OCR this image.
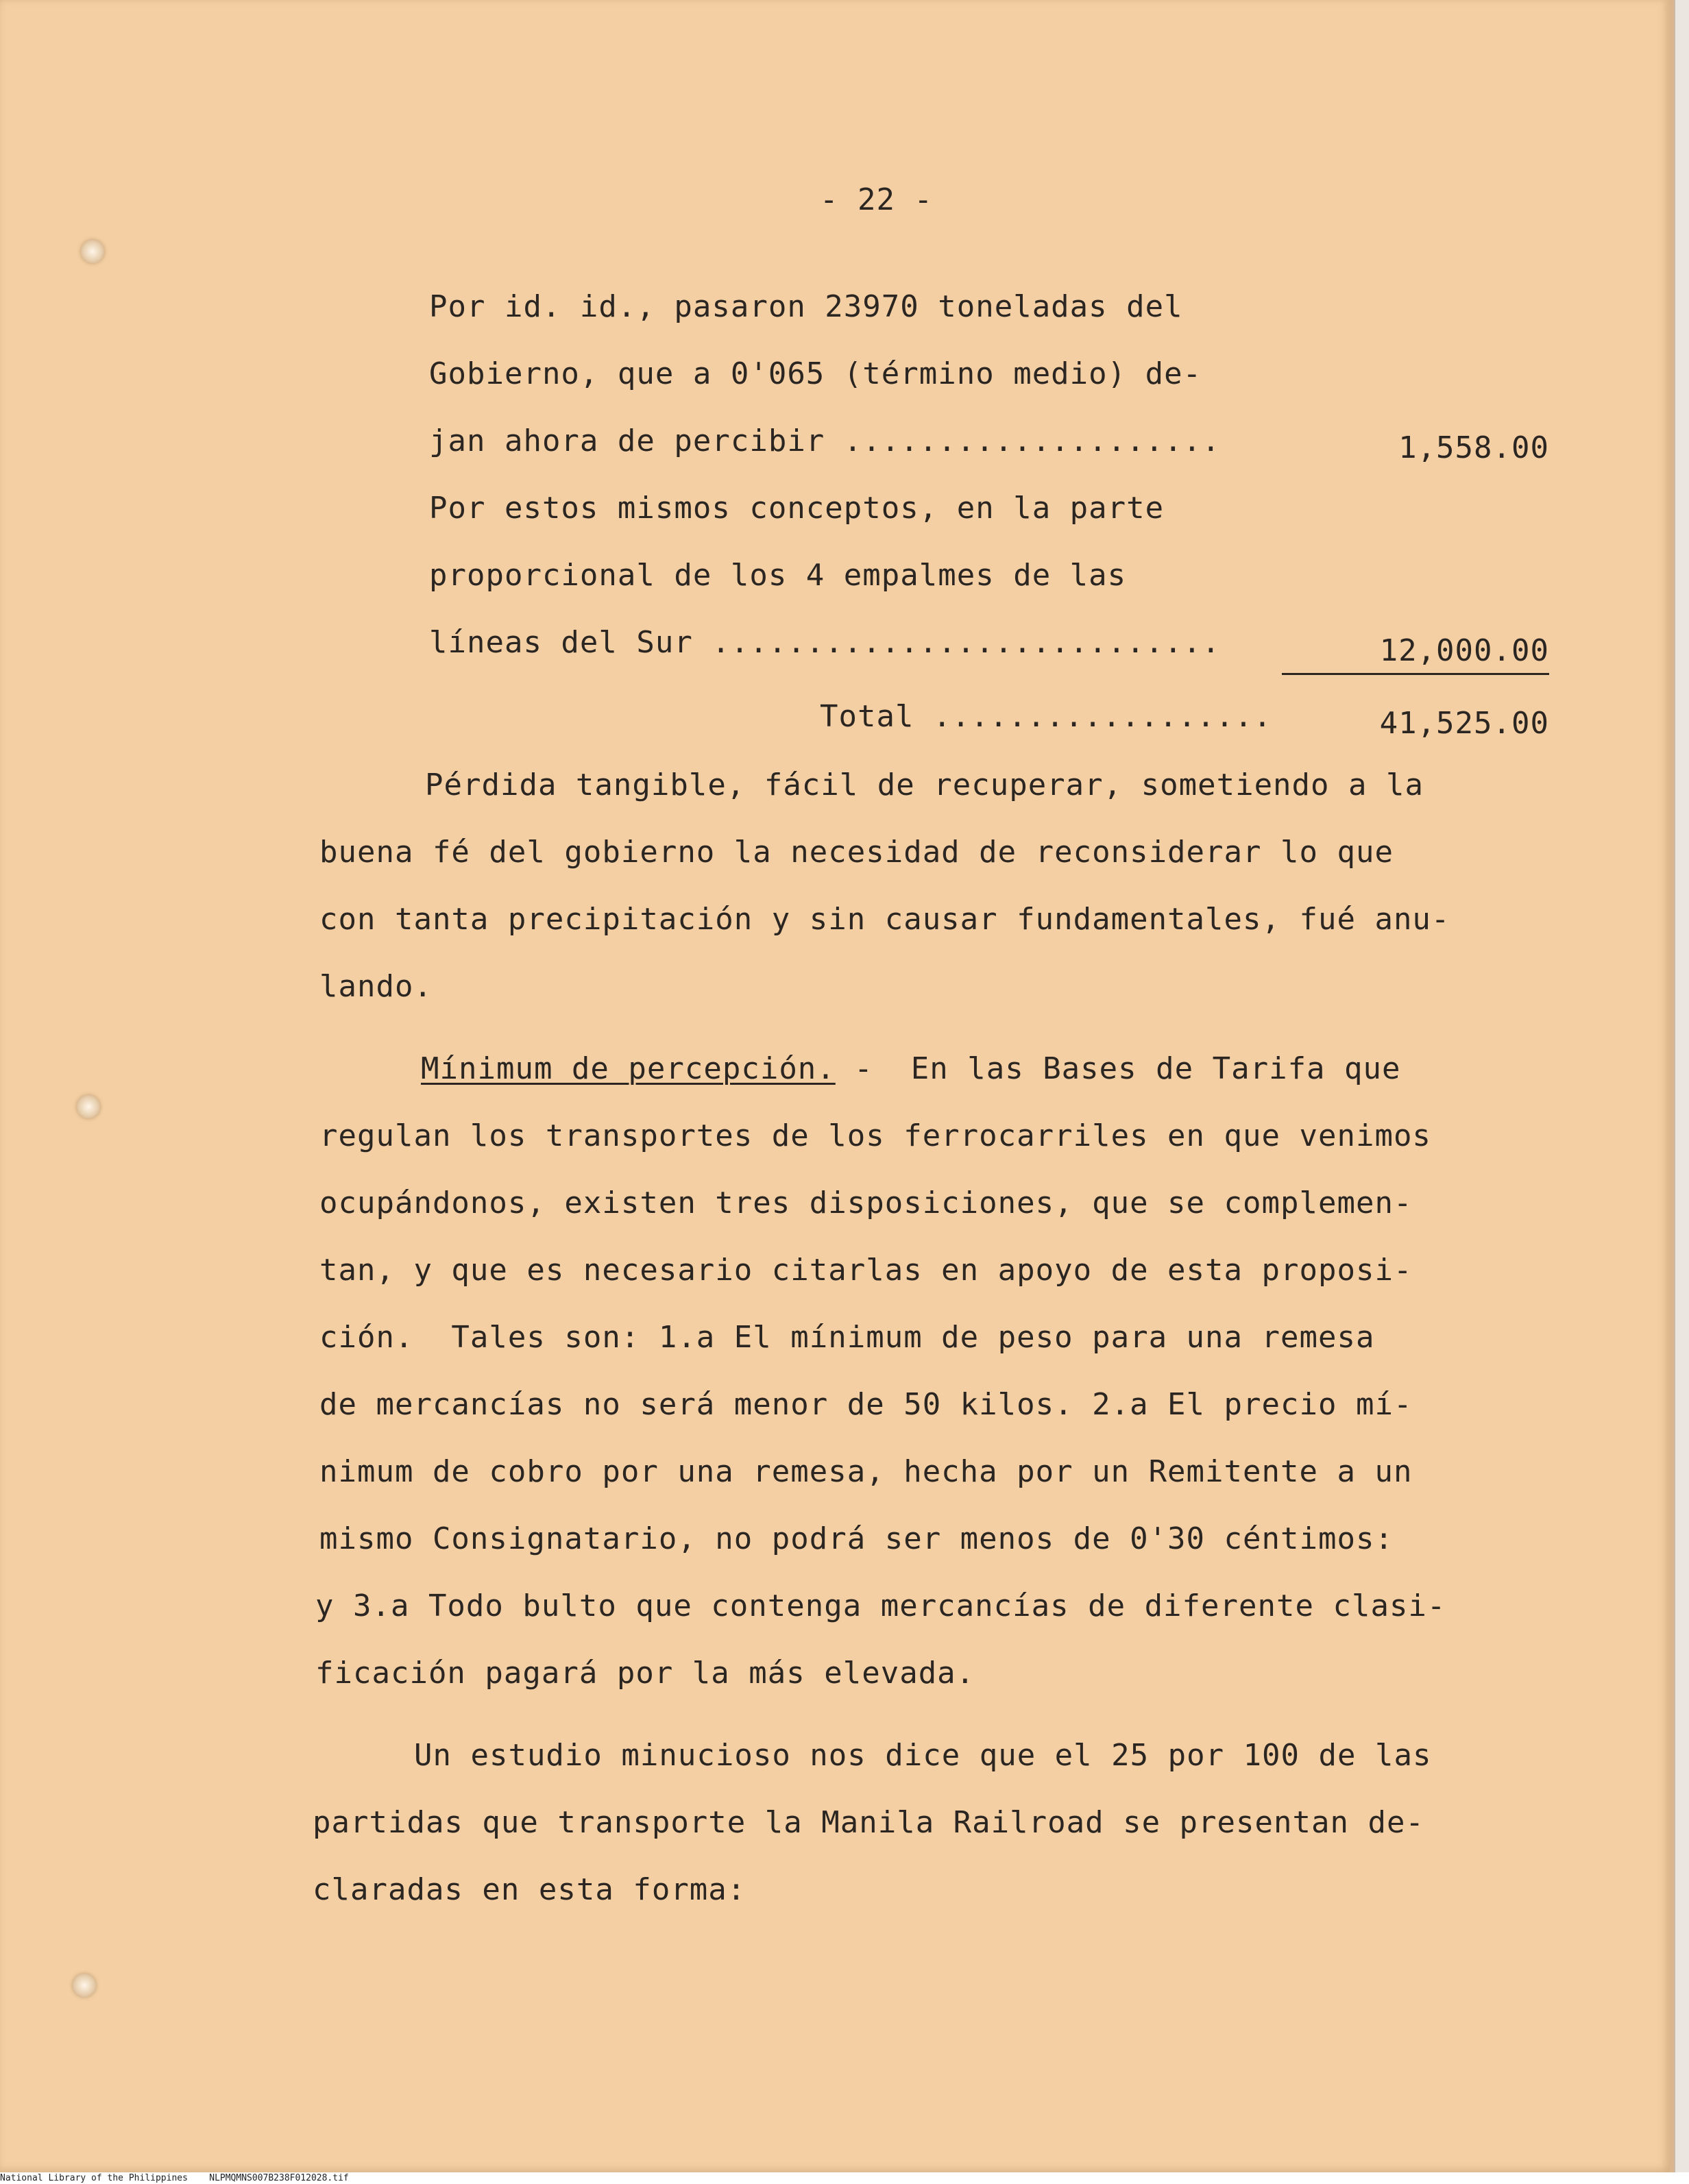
- 22 -
Por id. id., pasaron 23970 toneladas del
Gobierno, que a 0'065 (término medio) de-
jan ahora de percibir ....................	1,558.00
Por estos mismos conceptos, en la parte
proporcional de los 4 empalmes de las
líneas del Sur ...........................	12,000.00
Total ..................	41,525.00
Pérdida tangible, fácil de recuperar, sometiendo a la
buena fé del gobierno la necesidad de reconsiderar lo que
con tanta precipitación y sin causar fundamentales, fué anu-
lando.
Mínimum de percepción. -  En las Bases de Tarifa que
regulan los transportes de los ferrocarriles en que venimos
ocupándonos, existen tres disposiciones, que se complemen-
tan, y que es necesario citarlas en apoyo de esta proposi-
ción.  Tales son: 1.a El mínimum de peso para una remesa
de mercancías no será menor de 50 kilos. 2.a El precio mí-
nimum de cobro por una remesa, hecha por un Remitente a un
mismo Consignatario, no podrá ser menos de 0'30 céntimos:
y 3.a Todo bulto que contenga mercancías de diferente clasi-
ficación pagará por la más elevada.
Un estudio minucioso nos dice que el 25 por 100 de las
partidas que transporte la Manila Railroad se presentan de-
claradas en esta forma:
National Library of the Philippines NLPMQMNS007B238F012028.tif
